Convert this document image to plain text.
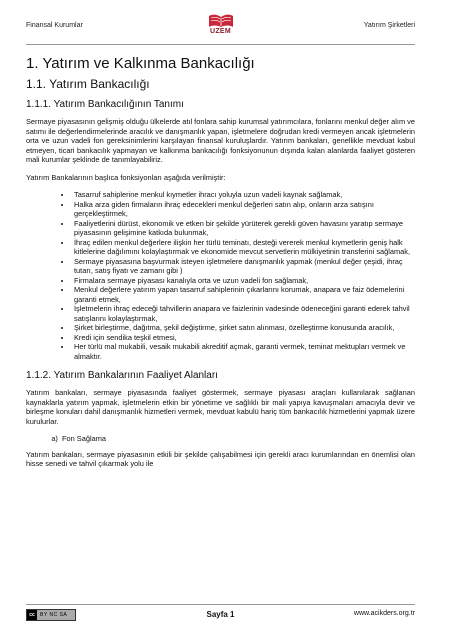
Finansal Kurumlar
UZEM
Yatırım Şirketleri
1. Yatırım ve Kalkınma Bankacılığı
1.1. Yatırım Bankacılığı
1.1.1. Yatırım Bankacılığının Tanımı

Sermaye piyasasının gelişmiş olduğu ülkelerde atıl fonlara sahip kurumsal yatırımcılara, fonlarını menkul değer alım ve satımı ile değerlendirmelerinde aracılık ve danışmanlık yapan, işletmelere doğrudan kredi vermeyen ancak işletmelerin orta ve uzun vadeli fon gereksinimlerini karşılayan finansal kuruluşlardır. Yatırım bankaları, genellikle mevduat kabul etmeyen, ticari bankacılık yapmayan ve kalkınma bankacılığı fonksiyonunun dışında kalan alanlarda faaliyet gösteren mali kurumlar şeklinde de tanımlayabiliriz.

Yatırım Bankalarının başlıca fonksiyonları aşağıda verilmiştir:

• Tasarruf sahiplerine menkul kıymetler ihracı yoluyla uzun vadeli kaynak sağlamak,
• Halka arza giden firmaların ihraç edecekleri menkul değerleri satın alıp, onların arza satışını gerçekleştirmek,
• Faaliyetlerini dürüst, ekonomik ve etken bir şekilde yürüterek gerekli güven havasını yaratıp sermaye piyasasının gelişimine katkıda bulunmak,
• İhraç edilen menkul değerlere ilişkin her türlü teminatı, desteği vererek menkul kıymetlerin geniş halk kitlelerine dağılımını kolaylaştırmak ve ekonomide mevcut servetlerin mülkiyetinin transferini sağlamak,
• Sermaye piyasasına başvurmak isteyen işletmelere danışmanlık yapmak (menkul değer çeşidi, ihraç tutarı, satış fiyatı ve zamanı gibi )
• Firmalara sermaye piyasası kanalıyla orta ve uzun vadeli fon sağlamak,
• Menkul değerlere yatırım yapan tasarruf sahiplerinin çıkarlarını korumak, anapara ve faiz ödemelerini garanti etmek,
• İşletmelerin ihraç edeceği tahvillerin anapara ve faizlerinin vadesinde ödeneceğini garanti ederek tahvil satışlarını kolaylaştırmak,
• Şirket birleştirme, dağıtma, şekil değiştirme, şirket satın alınması, özelleştirme konusunda aracılık,
• Kredi için sendika teşkil etmesi,
• Her türlü mal mukabili, vesaik mukabili akreditif açmak, garanti vermek, teminat mektupları vermek ve almaktır.
1.1.2. Yatırım Bankalarının Faaliyet Alanları

Yatırım bankaları, sermaye piyasasında faaliyet göstermek, sermaye piyasası araçları kullanılarak sağlanan kaynaklarla yatırım yapmak, işletmelerin etkin bir yönetime ve sağlıklı bir mali yapıya kavuşmaları amacıyla devir ve birleşme konuları dahil danışmanlık hizmetleri vermek, mevduat kabulü hariç tüm bankacılık hizmetlerini yapmak üzere kurulurlar.

a. Fon Sağlama

Yatırım bankaları, sermaye piyasasının etkili bir şekilde çalışabilmesi için gerekli aracı kurumlarından en önemlisi olan hisse senedi ve tahvil çıkarmak yolu ile

cc	BY NC SA	Sayfa 1	www.acikders.org.tr
